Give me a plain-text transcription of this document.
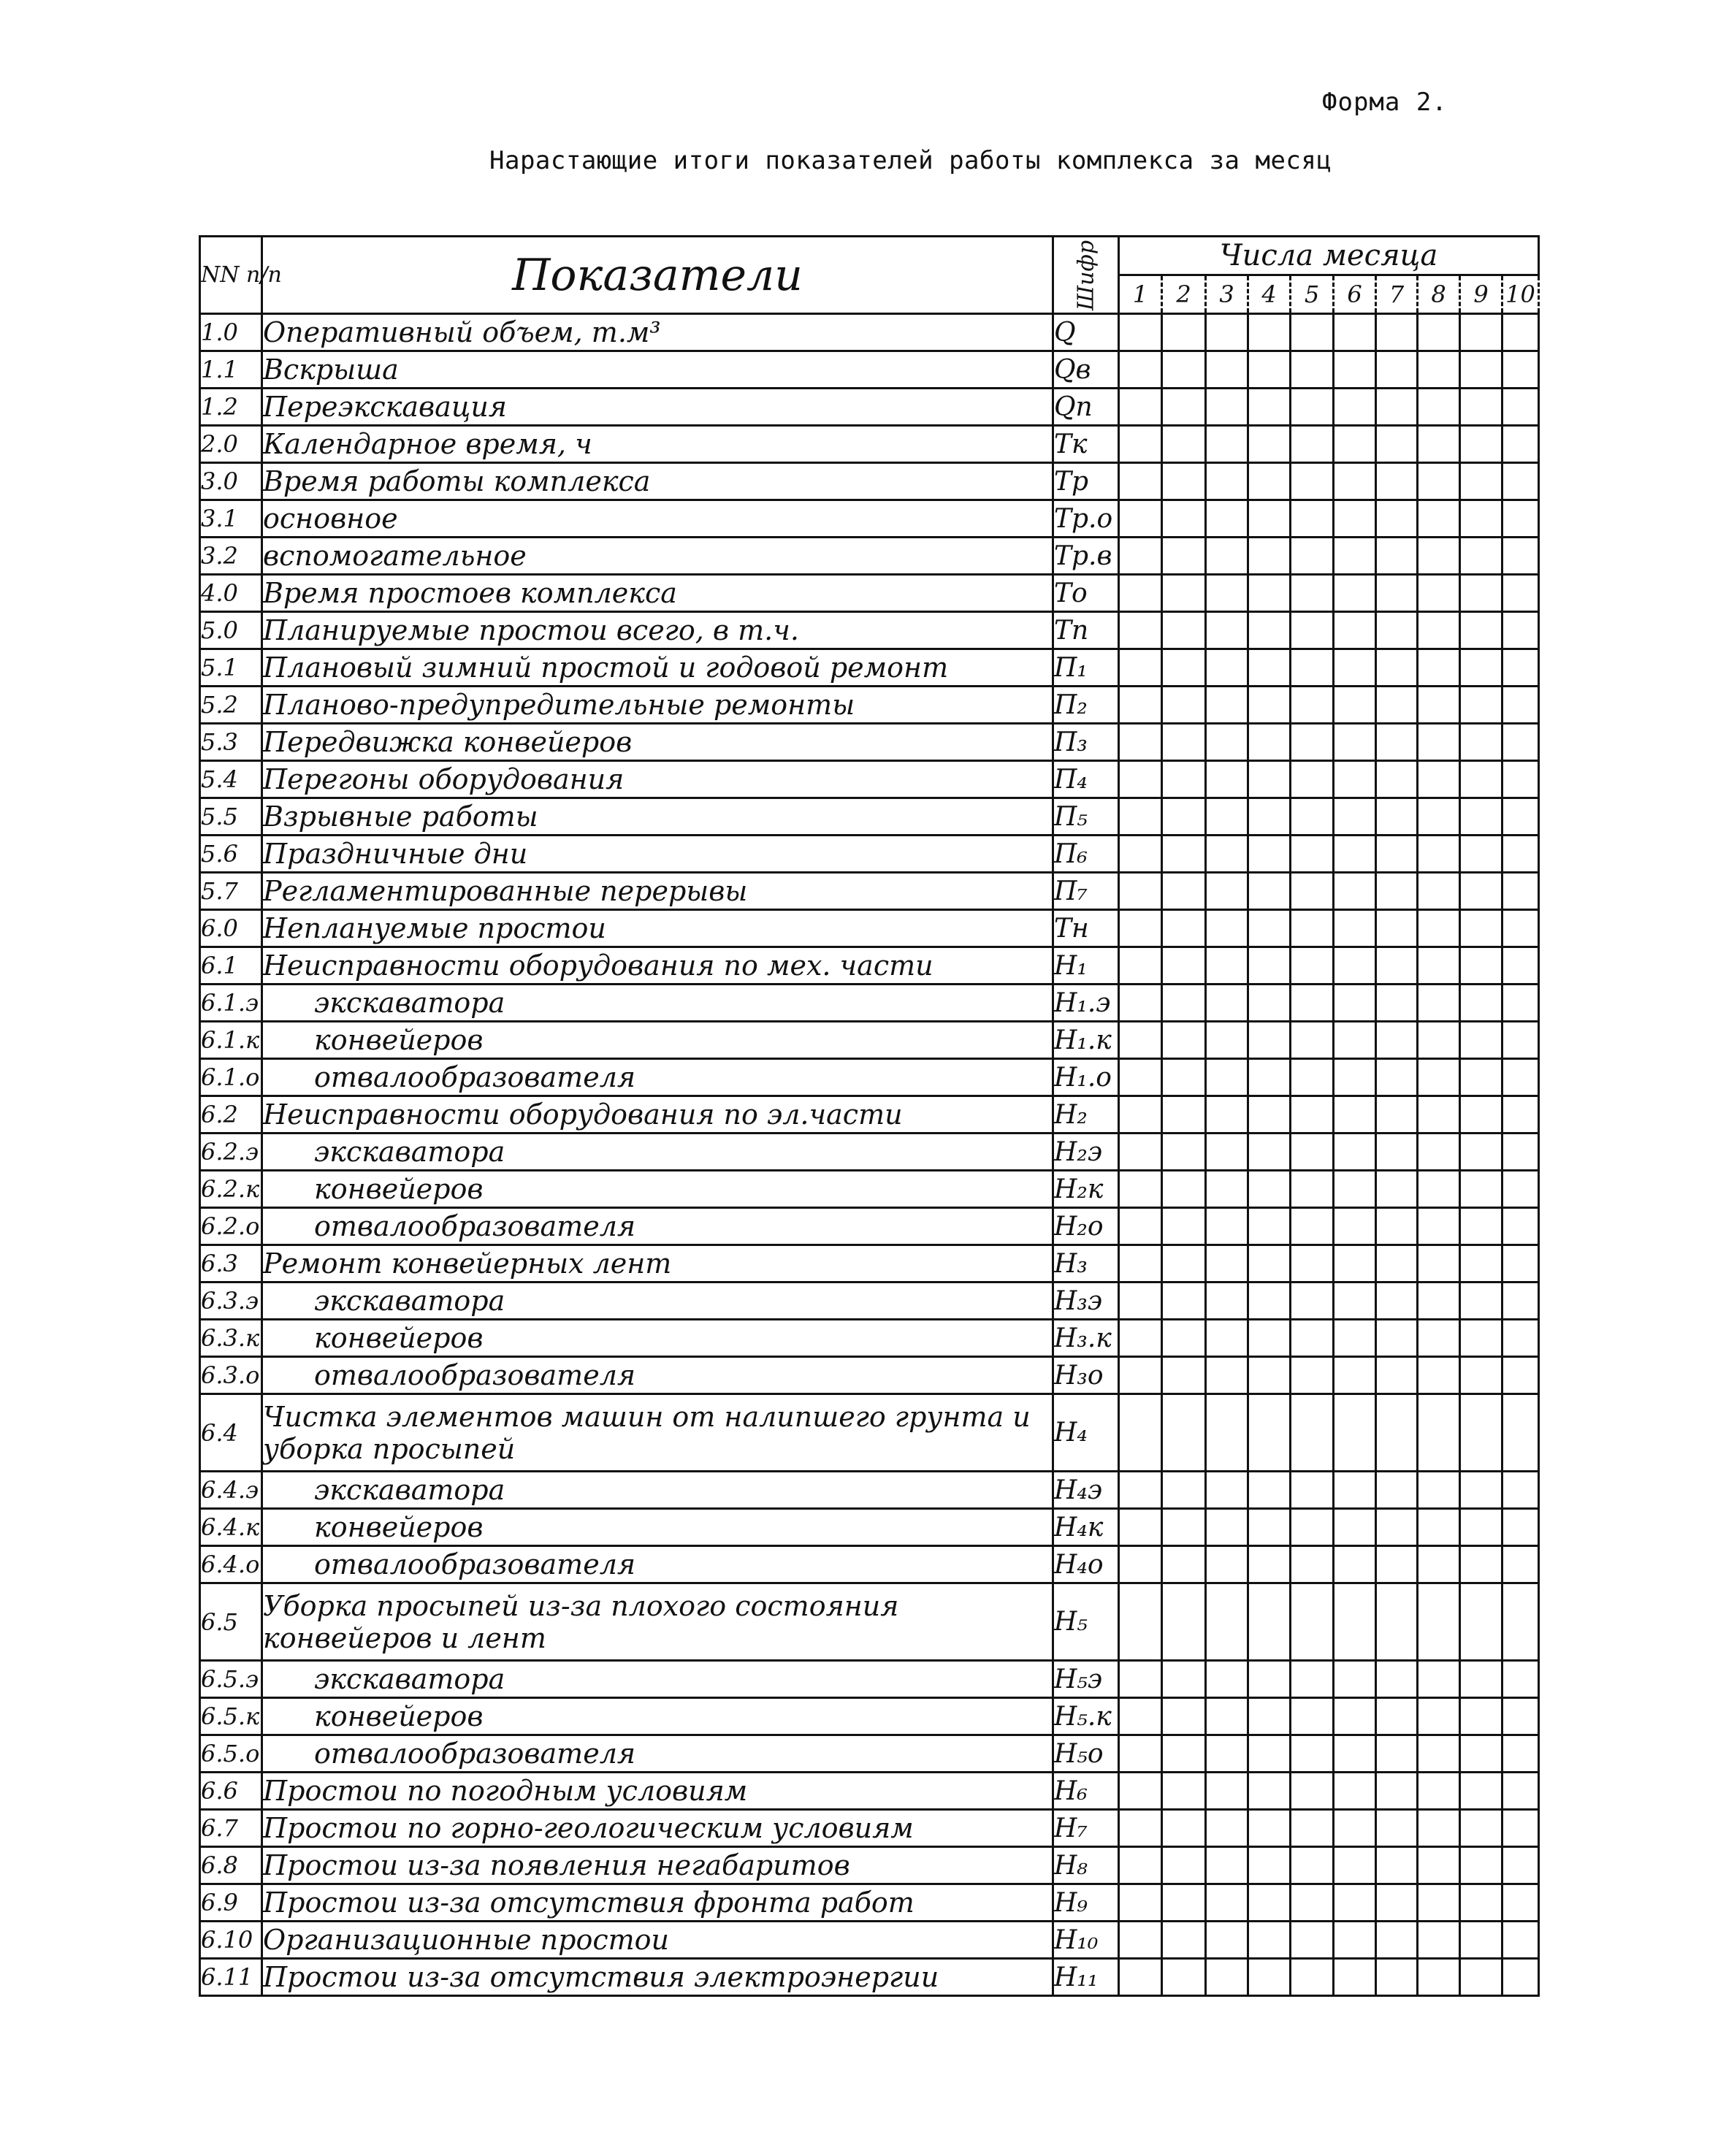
Форма 2.
Нарастающие итоги показателей работы комплекса за месяц
NN п/п	Показатели	Шифр	Числа месяца									
			1	2	3	4	5	6	7	8	9	10
1.0	Оперативный объем, т.м³	Q										
1.1	Вскрыша	Qв										
1.2	Переэкскавация	Qп										
2.0	Календарное время, ч	Tк										
3.0	Время работы комплекса	Tр										
3.1	основное	Tр.о										
3.2	вспомогательное	Tр.в										
4.0	Время простоев комплекса	Tо										
5.0	Планируемые простои всего, в т.ч.	Tп										
5.1	Плановый зимний простой и годовой ремонт	П₁										
5.2	Планово-предупредительные ремонты	П₂										
5.3	Передвижка конвейеров	П₃										
5.4	Перегоны оборудования	П₄										
5.5	Взрывные работы	П₅										
5.6	Праздничные дни	П₆										
5.7	Регламентированные перерывы	П₇										
6.0	Неплануемые простои	Tн										
6.1	Неисправности оборудования по мех. части	H₁										
6.1.э	экскаватора	H₁.э										
6.1.к	конвейеров	H₁.к										
6.1.о	отвалообразователя	H₁.о										
6.2	Неисправности оборудования по эл.части	H₂										
6.2.э	экскаватора	H₂э										
6.2.к	конвейеров	H₂к										
6.2.о	отвалообразователя	H₂о										
6.3	Ремонт конвейерных лент	H₃										
6.3.э	экскаватора	H₃э										
6.3.к	конвейеров	H₃.к										
6.3.о	отвалообразователя	H₃о										
6.4	Чистка элементов машин от налипшего грунта и уборка просыпей	H₄										
6.4.э	экскаватора	H₄э										
6.4.к	конвейеров	H₄к										
6.4.о	отвалообразователя	H₄о										
6.5	Уборка просыпей из-за плохого состояния конвейеров и лент	H₅										
6.5.э	экскаватора	H₅э										
6.5.к	конвейеров	H₅.к										
6.5.о	отвалообразователя	H₅о										
6.6	Простои по погодным условиям	H₆										
6.7	Простои по горно-геологическим условиям	H₇										
6.8	Простои из-за появления негабаритов	H₈										
6.9	Простои из-за отсутствия фронта работ	H₉										
6.10	Организационные простои	H₁₀										
6.11	Простои из-за отсутствия электроэнергии	H₁₁										
